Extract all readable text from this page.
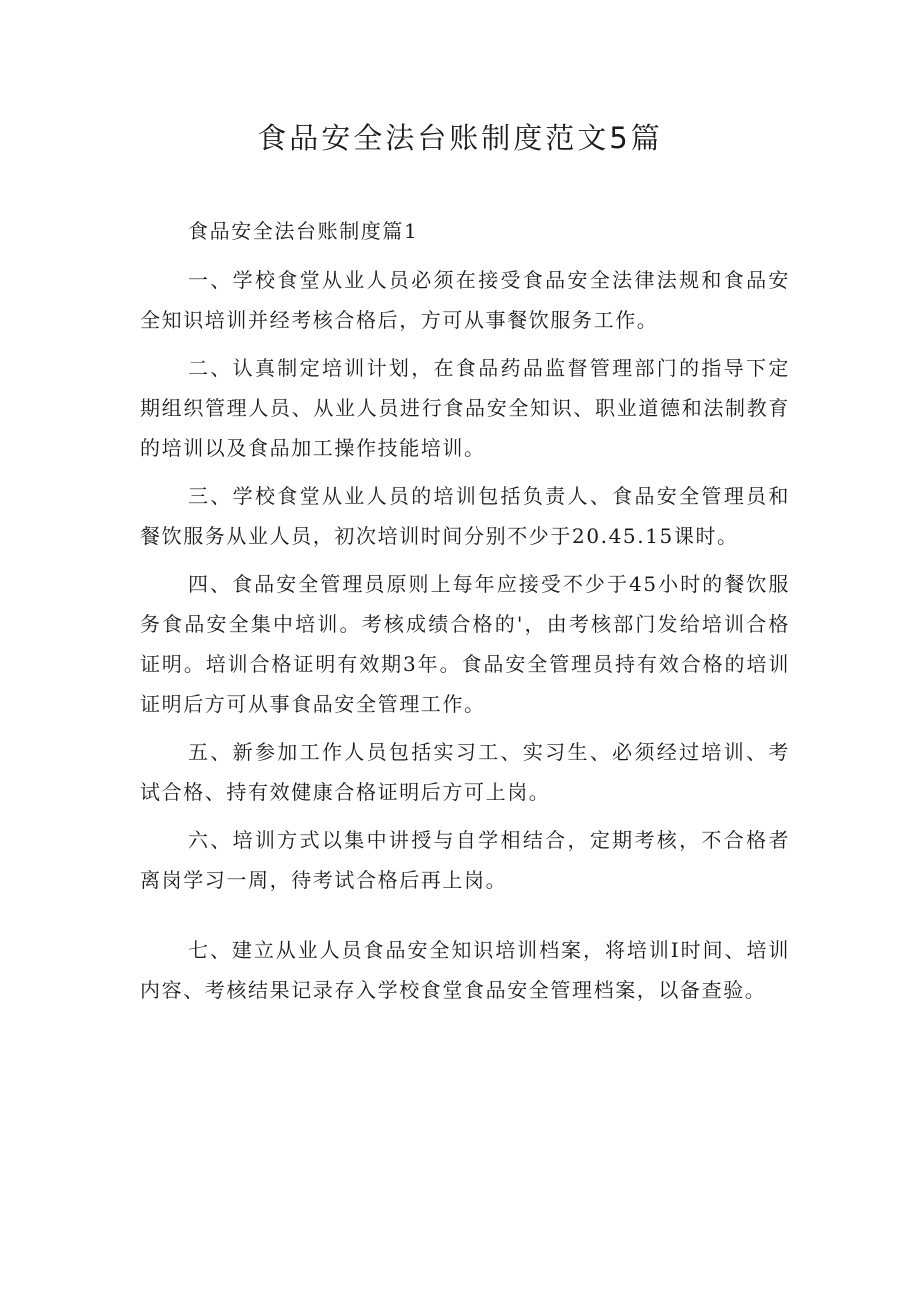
食品安全法台账制度范文5篇

食品安全法台账制度篇1

一、学校食堂从业人员必须在接受食品安全法律法规和食品安全知识培训并经考核合格后，方可从事餐饮服务工作。

二、认真制定培训计划，在食品药品监督管理部门的指导下定期组织管理人员、从业人员进行食品安全知识、职业道德和法制教育的培训以及食品加工操作技能培训。

三、学校食堂从业人员的培训包括负责人、食品安全管理员和餐饮服务从业人员，初次培训时间分别不少于20.45.15课时。

四、食品安全管理员原则上每年应接受不少于45小时的餐饮服务食品安全集中培训。考核成绩合格的'，由考核部门发给培训合格证明。培训合格证明有效期3年。食品安全管理员持有效合格的培训证明后方可从事食品安全管理工作。

五、新参加工作人员包括实习工、实习生、必须经过培训、考试合格、持有效健康合格证明后方可上岗。

六、培训方式以集中讲授与自学相结合，定期考核，不合格者离岗学习一周，待考试合格后再上岗。

七、建立从业人员食品安全知识培训档案，将培训I时间、培训内容、考核结果记录存入学校食堂食品安全管理档案，以备查验。
